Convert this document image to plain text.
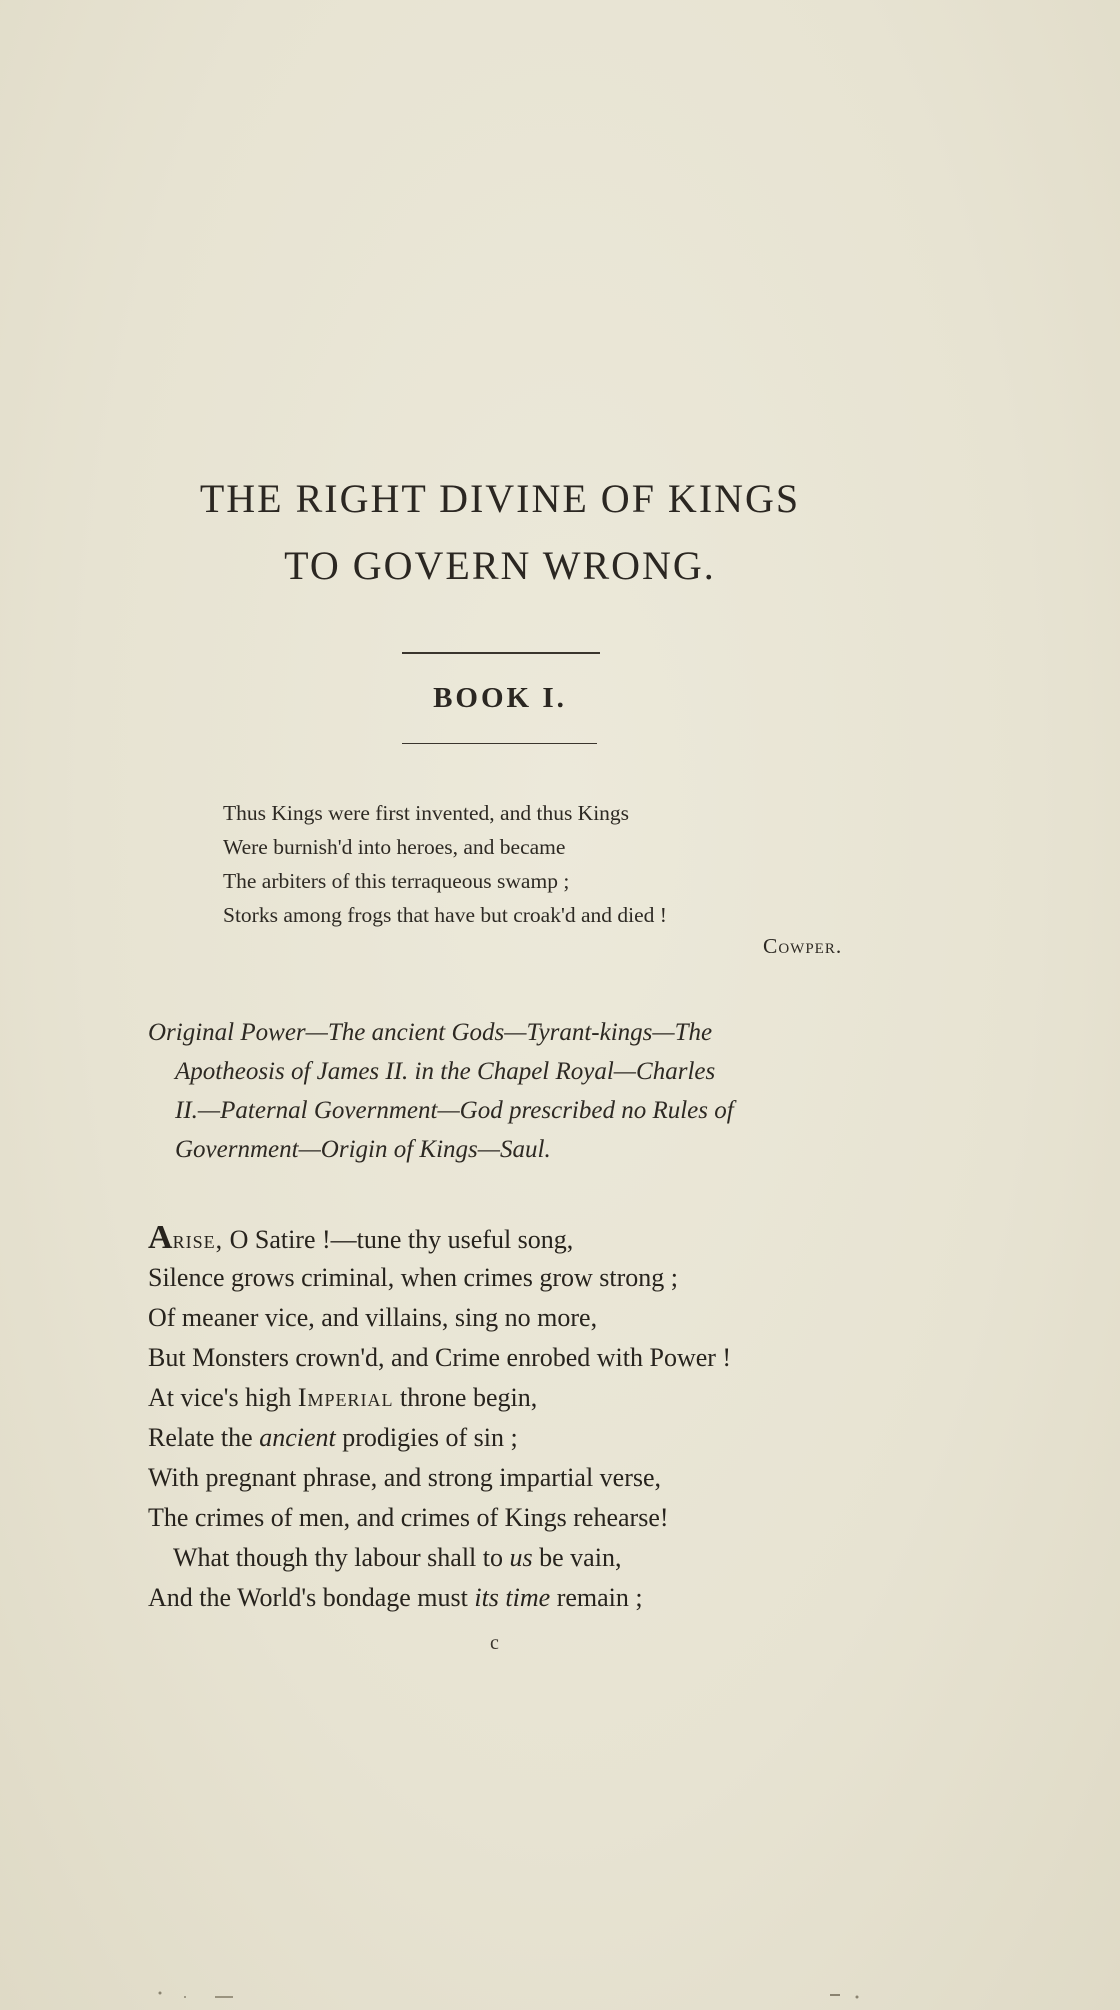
THE RIGHT DIVINE OF KINGS
TO GOVERN WRONG.
BOOK I.
Thus Kings were first invented, and thus Kings
Were burnish'd into heroes, and became
The arbiters of this terraqueous swamp ;
Storks among frogs that have but croak'd and died !
Cowper.
Original Power—The ancient Gods—Tyrant-kings—The
Apotheosis of James II. in the Chapel Royal—Charles
II.—Paternal Government—God prescribed no Rules of
Government—Origin of Kings—Saul.
Arise, O Satire !—tune thy useful song,
Silence grows criminal, when crimes grow strong ;
Of meaner vice, and villains, sing no more,
But Monsters crown'd, and Crime enrobed with Power !
At vice's high Imperial throne begin,
Relate the ancient prodigies of sin ;
With pregnant phrase, and strong impartial verse,
The crimes of men, and crimes of Kings rehearse!
What though thy labour shall to us be vain,
And the World's bondage must its time remain ;
c
